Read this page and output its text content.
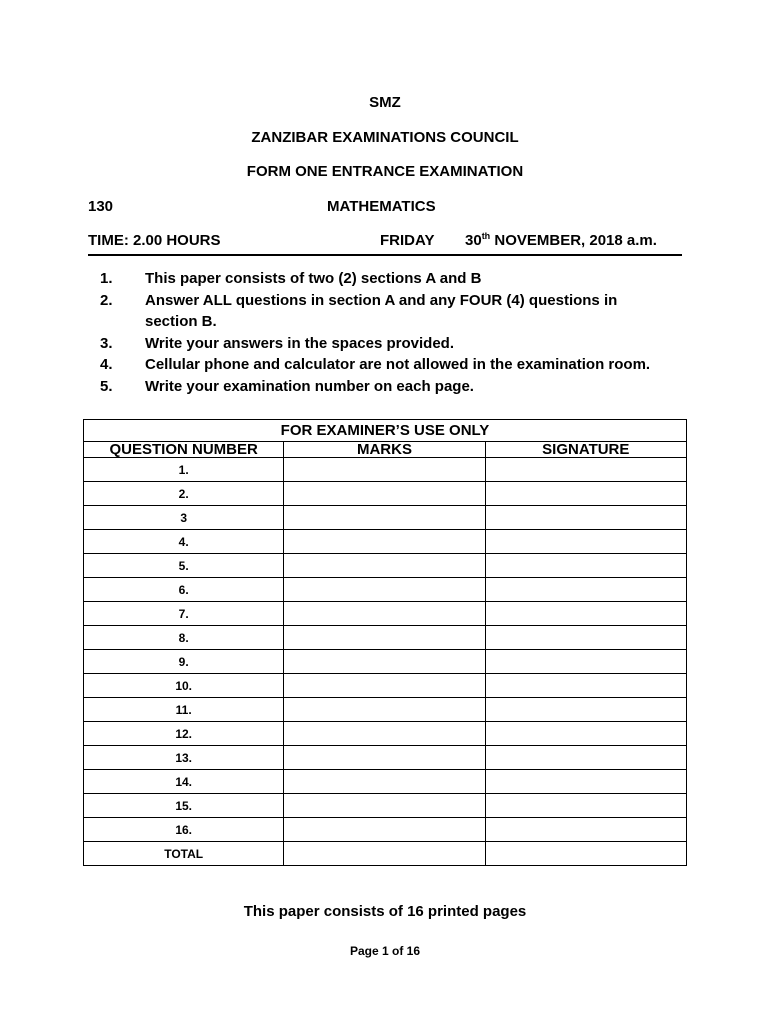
SMZ
ZANZIBAR EXAMINATIONS COUNCIL
FORM ONE ENTRANCE EXAMINATION
130	MATHEMATICS
TIME: 2.00 HOURS	FRIDAY 30th NOVEMBER, 2018 a.m.
1.	This paper consists of two (2) sections A and B
2.	Answer ALL questions in section A and any FOUR (4) questions in section B.
3.	Write your answers in the spaces provided.
4.	Cellular phone and calculator are not allowed in the examination room.
5.	Write your examination number on each page.
FOR EXAMINER’S USE ONLY		
QUESTION NUMBER	MARKS	SIGNATURE
1.		
2.		
3		
4.		
5.		
6.		
7.		
8.		
9.		
10.		
11.		
12.		
13.		
14.		
15.		
16.		
TOTAL		
This paper consists of 16 printed pages
Page 1 of 16
